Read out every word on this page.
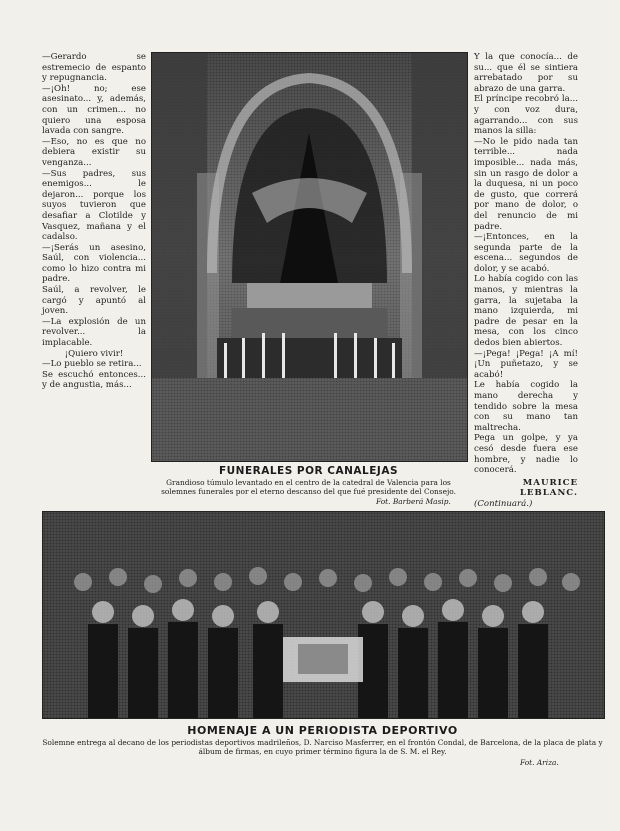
—Gerardo se estremecio de espanto y repugnancia.

—¡Oh! no; ese asesinato... y, además, con un crimen... no quiero una esposa lavada con sangre.

—Eso, no es que no debiera existir su venganza...

—Sus padres, sus enemigos... le dejaron... porque los suyos tuvieron que desafiar a Clotilde y Vasquez, mañana y el cadalso.

—¡Serás un asesino, Saúl, con violencia... como lo hizo contra mi padre.

Saúl, a revolver, le cargó y apuntó al joven.

—La explosión de un revolver... la implacable.

¡Quiero vivir!

—Lo pueblo se retira...

Se escuchó entonces... y de angustia, más...

FUNERALES POR CANALEJAS
Grandioso túmulo levantado en el centro de la catedral de Valencia para los solemnes funerales por el eterno descanso del que fué presidente del Consejo.
Fot. Barberá Masip.

Y la que conocía... de su... que él se sintiera arrebatado por su abrazo de una garra.

El príncipe recobró la... y con voz dura, agarrando... con sus manos la silla:

—No le pido nada tan terrible... nada imposible... nada más, sin un rasgo de dolor a la duquesa, ni un poco de gusto, que correrá por mano de dolor, o del renuncio de mi padre.

—¡Entonces, en la segunda parte de la escena... segundos de dolor, y se acabó.

Lo había cogido con las manos, y mientras la garra, la sujetaba la mano izquierda, mi padre de pesar en la mesa, con los cinco dedos bien abiertos.

—¡Pega! ¡Pega! ¡A mí! ¡Un puñetazo, y se acabó!

Le había cogido la mano derecha y tendido sobre la mesa con su mano tan maltrecha.

Pega un golpe, y ya cesó desde fuera ese hombre, y nadie lo conocerá.

MAURICE LEBLANC.

(Continuará.)

HOMENAJE A UN PERIODISTA DEPORTIVO
Solemne entrega al decano de los periodistas deportivos madrileños, D. Narciso Masferrer, en el frontón Condal, de Barcelona, de la placa de plata y álbum de firmas, en cuyo primer término figura la de S. M. el Rey.
Fot. Ariza.
